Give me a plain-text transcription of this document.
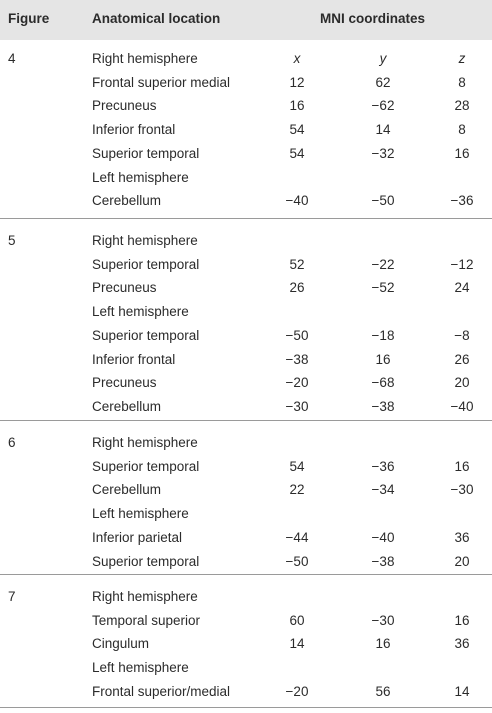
Figure	Anatomical location	MNI coordinates
4	Right hemisphere	x	y	z
Frontal superior medial	12	62	8
Precuneus	16	−62	28
Inferior frontal	54	14	8
Superior temporal	54	−32	16
Left hemisphere
Cerebellum	−40	−50	−36
5	Right hemisphere
Superior temporal	52	−22	−12
Precuneus	26	−52	24
Left hemisphere
Superior temporal	−50	−18	−8
Inferior frontal	−38	16	26
Precuneus	−20	−68	20
Cerebellum	−30	−38	−40
6	Right hemisphere
Superior temporal	54	−36	16
Cerebellum	22	−34	−30
Left hemisphere
Inferior parietal	−44	−40	36
Superior temporal	−50	−38	20
7	Right hemisphere
Temporal superior	60	−30	16
Cingulum	14	16	36
Left hemisphere
Frontal superior/medial	−20	56	14
